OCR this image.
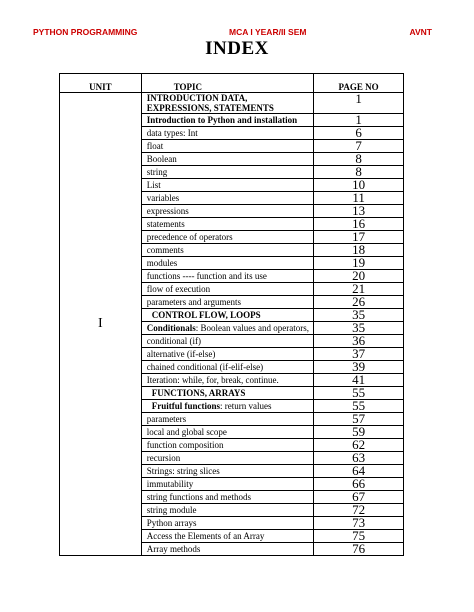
PYTHON PROGRAMMING	MCA I YEAR/II SEM	AVNT
INDEX
UNIT	TOPIC	PAGE NO
I	INTRODUCTION DATA, EXPRESSIONS, STATEMENTS	1
	Introduction to Python and installation	1
	data types: Int	6
	float	7
	Boolean	8
	string	8
	List	10
	variables	11
	expressions	13
	statements	16
	precedence of operators	17
	comments	18
	modules	19
	functions ---- function and its use	20
	flow of execution	21
	parameters and arguments	26
	CONTROL FLOW, LOOPS	35
	Conditionals: Boolean values and operators,	35
	conditional (if)	36
	alternative (if-else)	37
	chained conditional (if-elif-else)	39
	Iteration: while, for, break, continue.	41
	FUNCTIONS, ARRAYS	55
	Fruitful functions: return values	55
	parameters	57
	local and global scope	59
	function composition	62
	recursion	63
	Strings: string slices	64
	immutability	66
	string functions and methods	67
	string module	72
	Python arrays	73
	Access the Elements of an Array	75
	Array methods	76
